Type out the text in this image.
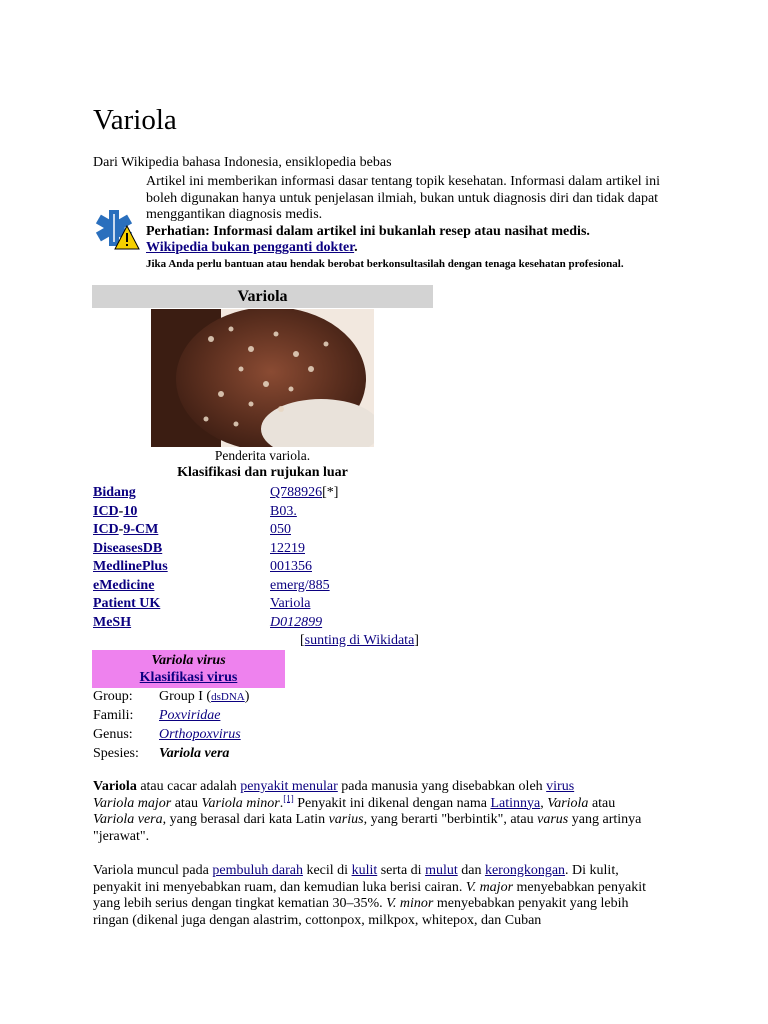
Variola
Dari Wikipedia bahasa Indonesia, ensiklopedia bebas
Artikel ini memberikan informasi dasar tentang topik kesehatan. Informasi dalam artikel ini boleh digunakan hanya untuk penjelasan ilmiah, bukan untuk diagnosis diri dan tidak dapat menggantikan diagnosis medis.
Perhatian: Informasi dalam artikel ini bukanlah resep atau nasihat medis.
Wikipedia bukan pengganti dokter.
Jika Anda perlu bantuan atau hendak berobat berkonsultasilah dengan tenaga kesehatan profesional.
Variola
Penderita variola.
Klasifikasi dan rujukan luar
Bidang	Q788926[*]
ICD-10	B03.
ICD-9-CM	050
DiseasesDB	12219
MedlinePlus	001356
eMedicine	emerg/885
Patient UK	Variola
MeSH	D012899
[sunting di Wikidata]
Variola virus
Klasifikasi virus
Group: Group I (dsDNA)
Famili: Poxviridae
Genus: Orthopoxvirus
Spesies: Variola vera

Variola atau cacar adalah penyakit menular pada manusia yang disebabkan oleh virus
Variola major atau Variola minor.[1] Penyakit ini dikenal dengan nama Latinnya, Variola atau Variola vera, yang berasal dari kata Latin varius, yang berarti "berbintik", atau varus yang artinya "jerawat".

Variola muncul pada pembuluh darah kecil di kulit serta di mulut dan kerongkongan. Di kulit, penyakit ini menyebabkan ruam, dan kemudian luka berisi cairan. V. major menyebabkan penyakit yang lebih serius dengan tingkat kematian 30–35%. V. minor menyebabkan penyakit yang lebih ringan (dikenal juga dengan alastrim, cottonpox, milkpox, whitepox, dan Cuban
